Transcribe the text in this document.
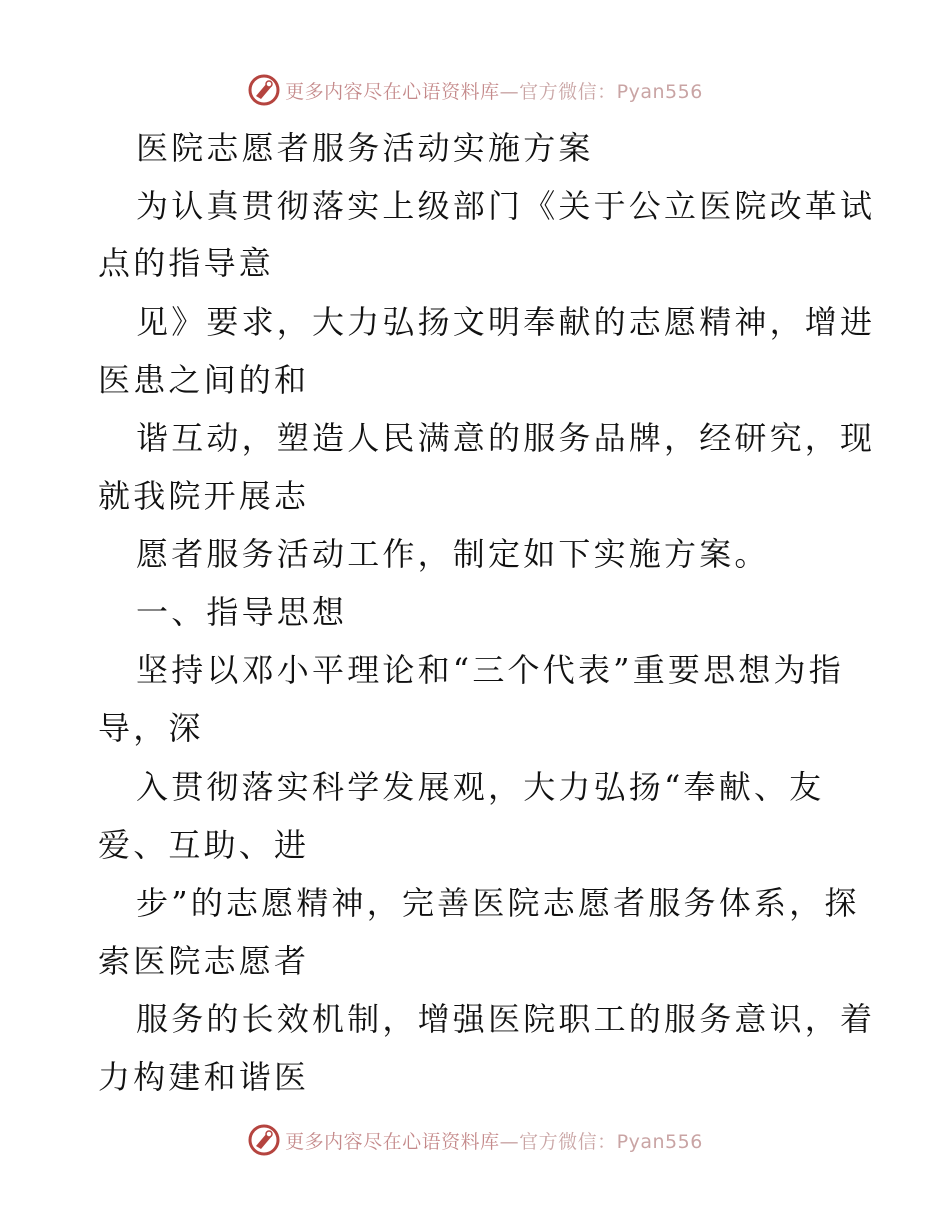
更多内容尽在心语资料库—官方微信：Pyan556
医院志愿者服务活动实施方案
为认真贯彻落实上级部门《关于公立医院改革试
点的指导意
见》要求，大力弘扬文明奉献的志愿精神，增进
医患之间的和
谐互动，塑造人民满意的服务品牌，经研究，现
就我院开展志
愿者服务活动工作，制定如下实施方案。
一、指导思想
坚持以邓小平理论和“三个代表”重要思想为指
导，深
入贯彻落实科学发展观，大力弘扬“奉献、友
爱、互助、进
步”的志愿精神，完善医院志愿者服务体系，探
索医院志愿者
服务的长效机制，增强医院职工的服务意识，着
力构建和谐医
更多内容尽在心语资料库—官方微信：Pyan556
